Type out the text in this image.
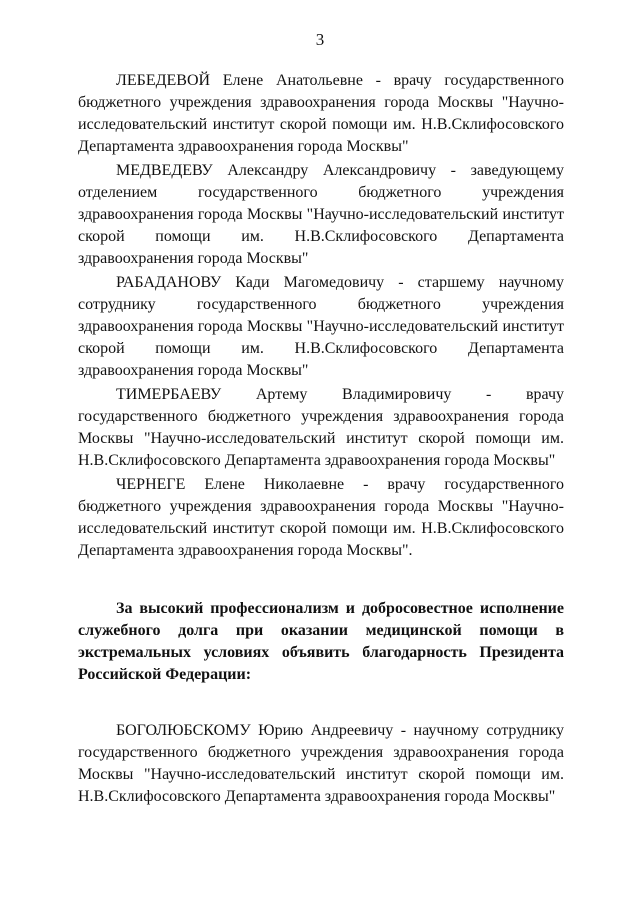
3

ЛЕБЕДЕВОЙ Елене Анатольевне - врачу государственного бюджетного учреждения здравоохранения города Москвы "Научно-исследовательский институт скорой помощи им. Н.В.Склифосовского Департамента здравоохранения города Москвы"

МЕДВЕДЕВУ Александру Александровичу - заведующему отделением государственного бюджетного учреждения здравоохранения города Москвы "Научно-исследовательский институт скорой помощи им. Н.В.Склифосовского Департамента здравоохранения города Москвы"

РАБАДАНОВУ Кади Магомедовичу - старшему научному сотруднику государственного бюджетного учреждения здравоохранения города Москвы "Научно-исследовательский институт скорой помощи им. Н.В.Склифосовского Департамента здравоохранения города Москвы"

ТИМЕРБАЕВУ Артему Владимировичу - врачу государственного бюджетного учреждения здравоохранения города Москвы "Научно-исследовательский институт скорой помощи им. Н.В.Склифосовского Департамента здравоохранения города Москвы"

ЧЕРНЕГЕ Елене Николаевне - врачу государственного бюджетного учреждения здравоохранения города Москвы "Научно-исследовательский институт скорой помощи им. Н.В.Склифосовского Департамента здравоохранения города Москвы".

За высокий профессионализм и добросовестное исполнение служебного долга при оказании медицинской помощи в экстремальных условиях объявить благодарность Президента Российской Федерации:

БОГОЛЮБСКОМУ Юрию Андреевичу - научному сотруднику государственного бюджетного учреждения здравоохранения города Москвы "Научно-исследовательский институт скорой помощи им. Н.В.Склифосовского Департамента здравоохранения города Москвы"
